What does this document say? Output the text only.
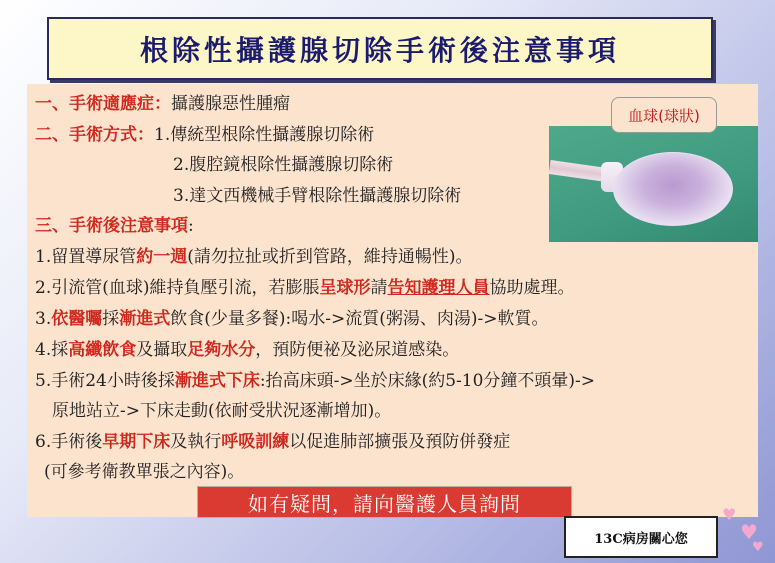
根除性攝護腺切除手術後注意事項
一、手術適應症：攝護腺惡性腫瘤
二、手術方式：1.傳統型根除性攝護腺切除術
2.腹腔鏡根除性攝護腺切除術
3.達文西機械手臂根除性攝護腺切除術
三、手術後注意事項:
1.留置導尿管約一週(請勿拉扯或折到管路，維持通暢性)。
2.引流管(血球)維持負壓引流，若膨脹呈球形請告知護理人員協助處理。
3.依醫囑採漸進式飲食(少量多餐):喝水->流質(粥湯、肉湯)->軟質。
4.採高纖飲食及攝取足夠水分，預防便祕及泌尿道感染。
5.手術24小時後採漸進式下床:抬高床頭->坐於床緣(約5-10分鐘不頭暈)->
原地站立->下床走動(依耐受狀況逐漸增加)。
6.手術後早期下床及執行呼吸訓練以促進肺部擴張及預防併發症
(可參考衛教單張之內容)。
血球(球狀)
如有疑問，請向醫護人員詢問
13C病房關心您
♥
♥
♥
